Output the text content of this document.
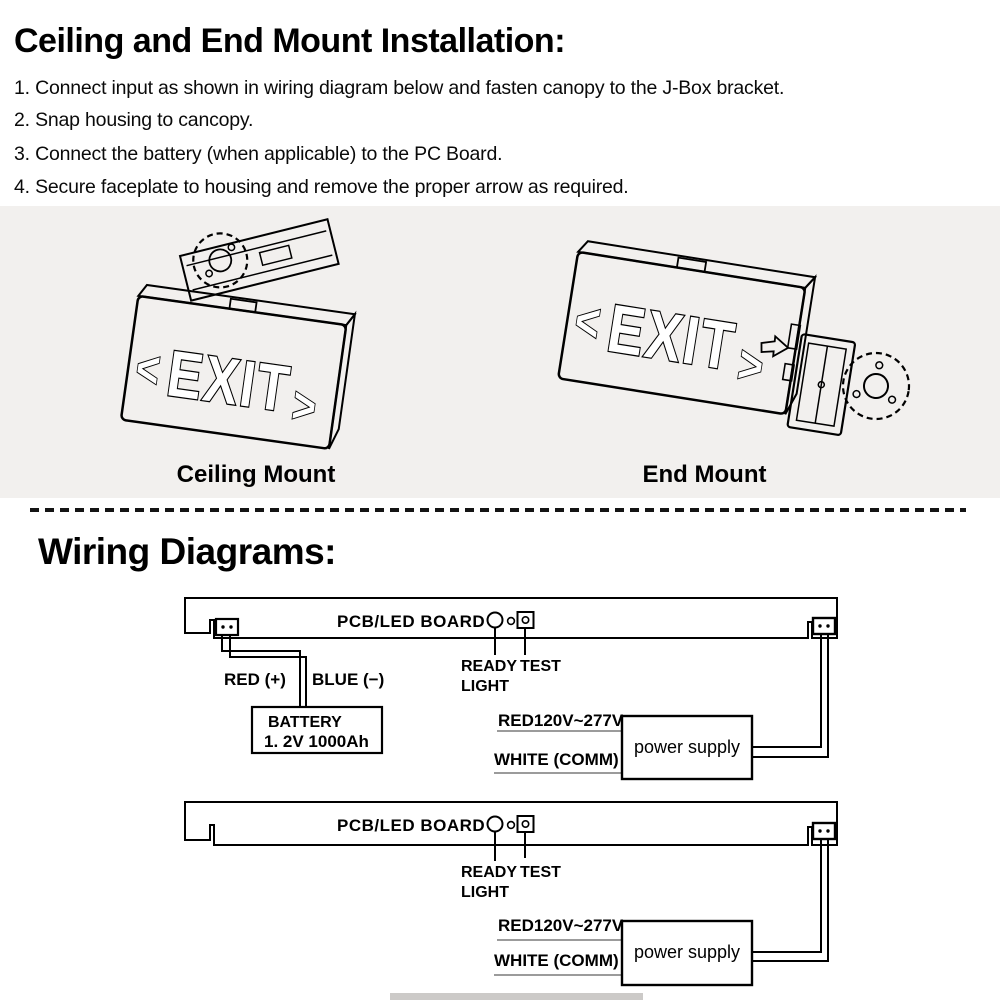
Ceiling and End Mount Installation:
1. Connect input as shown in wiring diagram below and fasten canopy to the J-Box bracket.
2. Snap housing to cancopy.
3. Connect the battery (when applicable) to the PC Board.
4. Secure faceplate to housing and remove the proper arrow as required.
< EXIT
>
<
EXIT
>
Ceiling Mount	End Mount
Wiring Diagrams:
PCB/LED BOARD
READY
LIGHT
TEST
RED (+) BLUE (−)
BATTERY
1. 2V 1000Ah
RED120V~277V
WHITE (COMM)
power supply
PCB/LED BOARD
READY
LIGHT
TEST
RED120V~277V
WHITE (COMM) power supply
